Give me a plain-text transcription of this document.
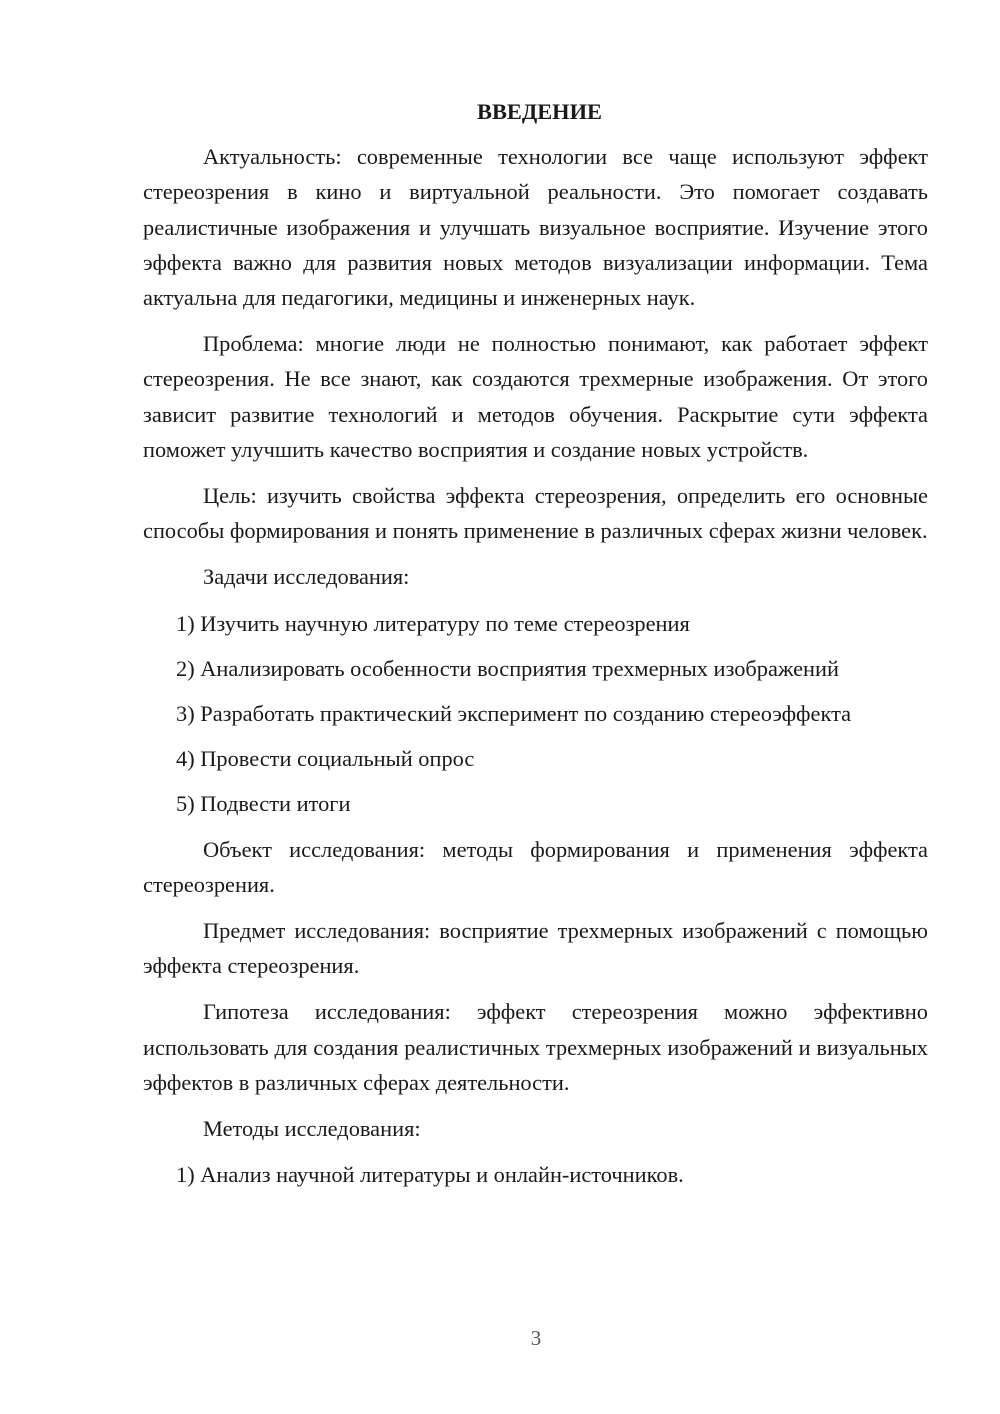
ВВЕДЕНИЕ

Актуальность: современные технологии все чаще используют эффект стереозрения в кино и виртуальной реальности. Это помогает создавать реалистичные изображения и улучшать визуальное восприятие. Изучение этого эффекта важно для развития новых методов визуализации информации. Тема актуальна для педагогики, медицины и инженерных наук.

Проблема: многие люди не полностью понимают, как работает эффект стереозрения. Не все знают, как создаются трехмерные изображения. От этого зависит развитие технологий и методов обучения. Раскрытие сути эффекта поможет улучшить качество восприятия и создание новых устройств.

Цель: изучить свойства эффекта стереозрения, определить его основные способы формирования и понять применение в различных сферах жизни человек.

Задачи исследования:

1) Изучить научную литературу по теме стереозрения

2) Анализировать особенности восприятия трехмерных изображений

3) Разработать практический эксперимент по созданию стереоэффекта

4) Провести социальный опрос

5) Подвести итоги

Объект исследования: методы формирования и применения эффекта стереозрения.

Предмет исследования: восприятие трехмерных изображений с помощью эффекта стереозрения.

Гипотеза исследования: эффект стереозрения можно эффективно использовать для создания реалистичных трехмерных изображений и визуальных эффектов в различных сферах деятельности.

Методы исследования:

1) Анализ научной литературы и онлайн-источников.

3
